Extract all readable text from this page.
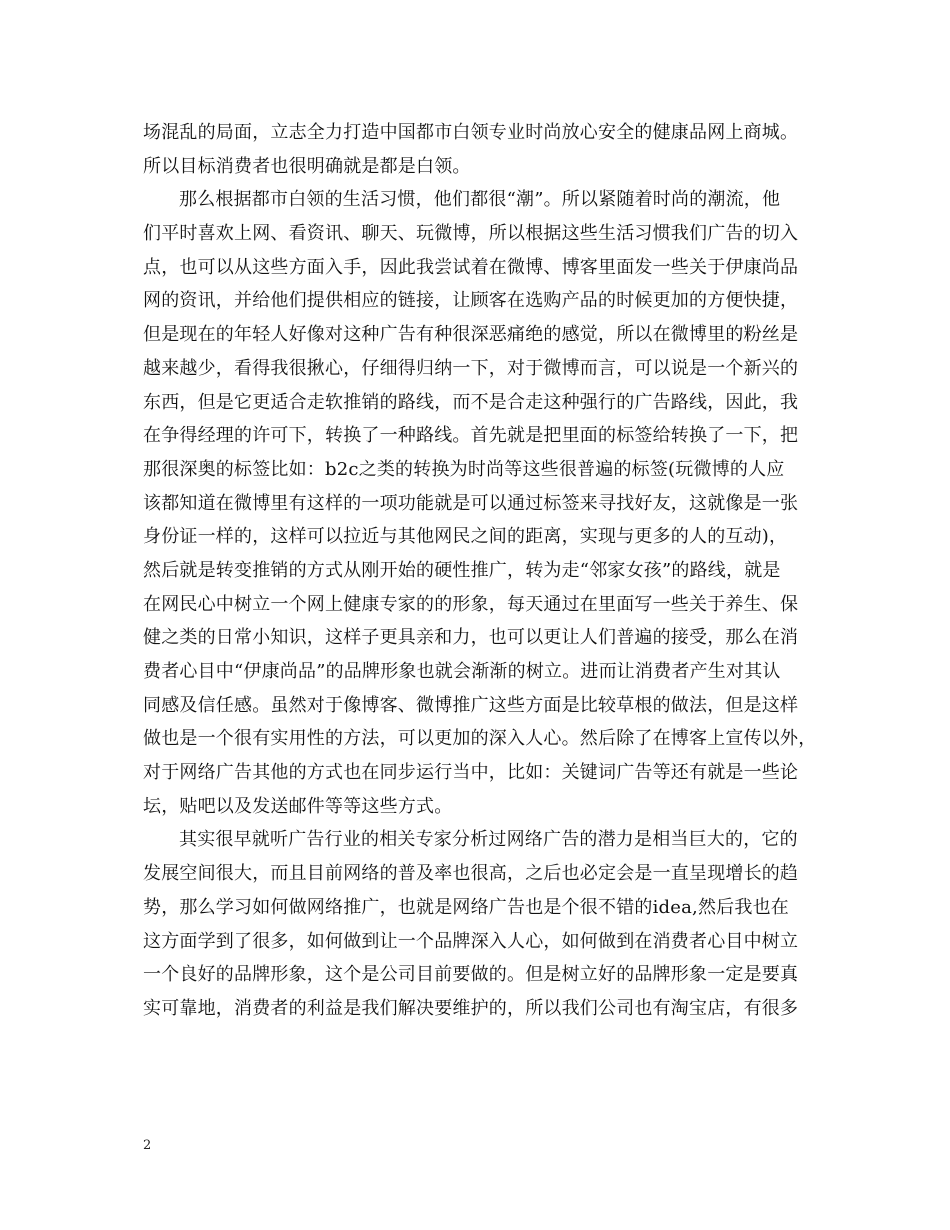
场混乱的局面，立志全力打造中国都市白领专业时尚放心安全的健康品网上商城。
所以目标消费者也很明确就是都是白领。
那么根据都市白领的生活习惯，他们都很“潮”。所以紧随着时尚的潮流，他
们平时喜欢上网、看资讯、聊天、玩微博，所以根据这些生活习惯我们广告的切入
点，也可以从这些方面入手，因此我尝试着在微博、博客里面发一些关于伊康尚品
网的资讯，并给他们提供相应的链接，让顾客在选购产品的时候更加的方便快捷，
但是现在的年轻人好像对这种广告有种很深恶痛绝的感觉，所以在微博里的粉丝是
越来越少，看得我很揪心，仔细得归纳一下，对于微博而言，可以说是一个新兴的
东西，但是它更适合走软推销的路线，而不是合走这种强行的广告路线，因此，我
在争得经理的许可下，转换了一种路线。首先就是把里面的标签给转换了一下，把
那很深奥的标签比如：b2c之类的转换为时尚等这些很普遍的标签(玩微博的人应
该都知道在微博里有这样的一项功能就是可以通过标签来寻找好友，这就像是一张
身份证一样的，这样可以拉近与其他网民之间的距离，实现与更多的人的互动)，
然后就是转变推销的方式从刚开始的硬性推广，转为走“邻家女孩”的路线，就是
在网民心中树立一个网上健康专家的的形象，每天通过在里面写一些关于养生、保
健之类的日常小知识，这样子更具亲和力，也可以更让人们普遍的接受，那么在消
费者心目中“伊康尚品”的品牌形象也就会渐渐的树立。进而让消费者产生对其认
同感及信任感。虽然对于像博客、微博推广这些方面是比较草根的做法，但是这样
做也是一个很有实用性的方法，可以更加的深入人心。然后除了在博客上宣传以外，
对于网络广告其他的方式也在同步运行当中，比如：关键词广告等还有就是一些论
坛，贴吧以及发送邮件等等这些方式。
其实很早就听广告行业的相关专家分析过网络广告的潜力是相当巨大的，它的
发展空间很大，而且目前网络的普及率也很高，之后也必定会是一直呈现增长的趋
势，那么学习如何做网络推广，也就是网络广告也是个很不错的idea,然后我也在
这方面学到了很多，如何做到让一个品牌深入人心，如何做到在消费者心目中树立
一个良好的品牌形象，这个是公司目前要做的。但是树立好的品牌形象一定是要真
实可靠地，消费者的利益是我们解决要维护的，所以我们公司也有淘宝店，有很多
2
